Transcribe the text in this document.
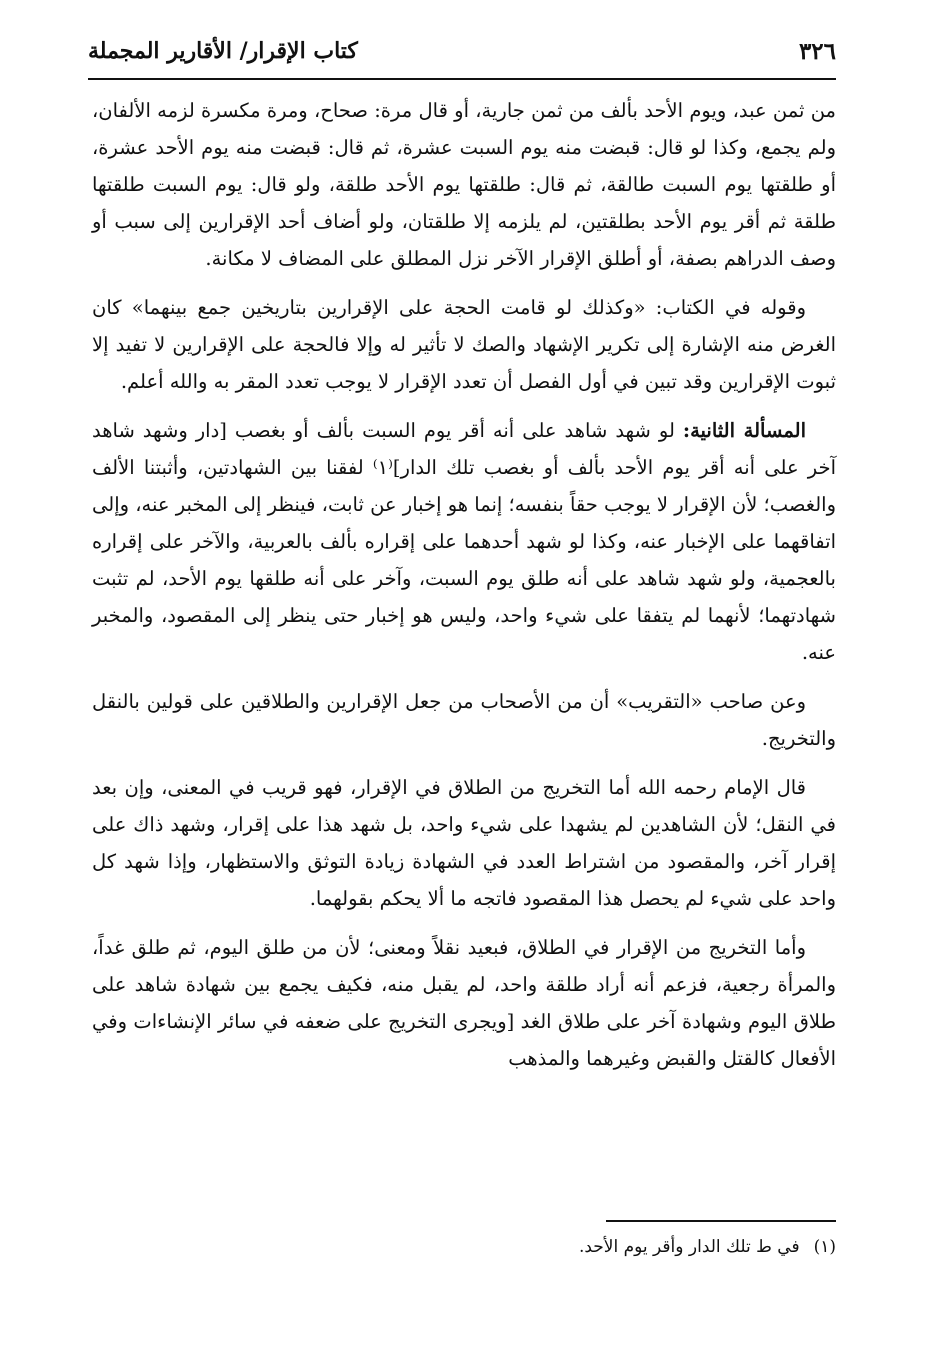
٣٢٦
كتاب الإقرار/ الأقارير المجملة

من ثمن عبد، ويوم الأحد بألف من ثمن جارية، أو قال مرة: صحاح، ومرة مكسرة لزمه الألفان، ولم يجمع، وكذا لو قال: قبضت منه يوم السبت عشرة، ثم قال: قبضت منه يوم الأحد عشرة، أو طلقتها يوم السبت طالقة، ثم قال: طلقتها يوم الأحد طلقة، ولو قال: يوم السبت طلقتها طلقة ثم أقر يوم الأحد بطلقتين، لم يلزمه إلا طلقتان، ولو أضاف أحد الإقرارين إلى سبب أو وصف الدراهم بصفة، أو أطلق الإقرار الآخر نزل المطلق على المضاف لا مكانة.

وقوله في الكتاب: «وكذلك لو قامت الحجة على الإقرارين بتاريخين جمع بينهما» كان الغرض منه الإشارة إلى تكرير الإشهاد والصك لا تأثير له وإلا فالحجة على الإقرارين لا تفيد إلا ثبوت الإقرارين وقد تبين في أول الفصل أن تعدد الإقرار لا يوجب تعدد المقر به والله أعلم.

المسألة الثانية: لو شهد شاهد على أنه أقر يوم السبت بألف أو بغصب [دار وشهد شاهد آخر على أنه أقر يوم الأحد بألف أو بغصب تلك الدار]⁽١⁾ لفقنا بين الشهادتين، وأثبتنا الألف والغصب؛ لأن الإقرار لا يوجب حقاً بنفسه؛ إنما هو إخبار عن ثابت، فينظر إلى المخبر عنه، وإلى اتفاقهما على الإخبار عنه، وكذا لو شهد أحدهما على إقراره بألف بالعربية، والآخر على إقراره بالعجمية، ولو شهد شاهد على أنه طلق يوم السبت، وآخر على أنه طلقها يوم الأحد، لم تثبت شهادتهما؛ لأنهما لم يتفقا على شيء واحد، وليس هو إخبار حتى ينظر إلى المقصود، والمخبر عنه.

وعن صاحب «التقريب» أن من الأصحاب من جعل الإقرارين والطلاقين على قولين بالنقل والتخريج.

قال الإمام رحمه الله أما التخريج من الطلاق في الإقرار، فهو قريب في المعنى، وإن بعد في النقل؛ لأن الشاهدين لم يشهدا على شيء واحد، بل شهد هذا على إقرار، وشهد ذاك على إقرار آخر، والمقصود من اشتراط العدد في الشهادة زيادة التوثق والاستظهار، وإذا شهد كل واحد على شيء لم يحصل هذا المقصود فاتجه ما ألا يحكم بقولهما.

وأما التخريج من الإقرار في الطلاق، فبعيد نقلاً ومعنى؛ لأن من طلق اليوم، ثم طلق غداً، والمرأة رجعية، فزعم أنه أراد طلقة واحد، لم يقبل منه، فكيف يجمع بين شهادة شاهد على طلاق اليوم وشهادة آخر على طلاق الغد [ويجرى التخريج على ضعفه في سائر الإنشاءات وفي الأفعال كالقتل والقبض وغيرهما والمذهب

(١)في ط تلك الدار وأقر يوم الأحد.
